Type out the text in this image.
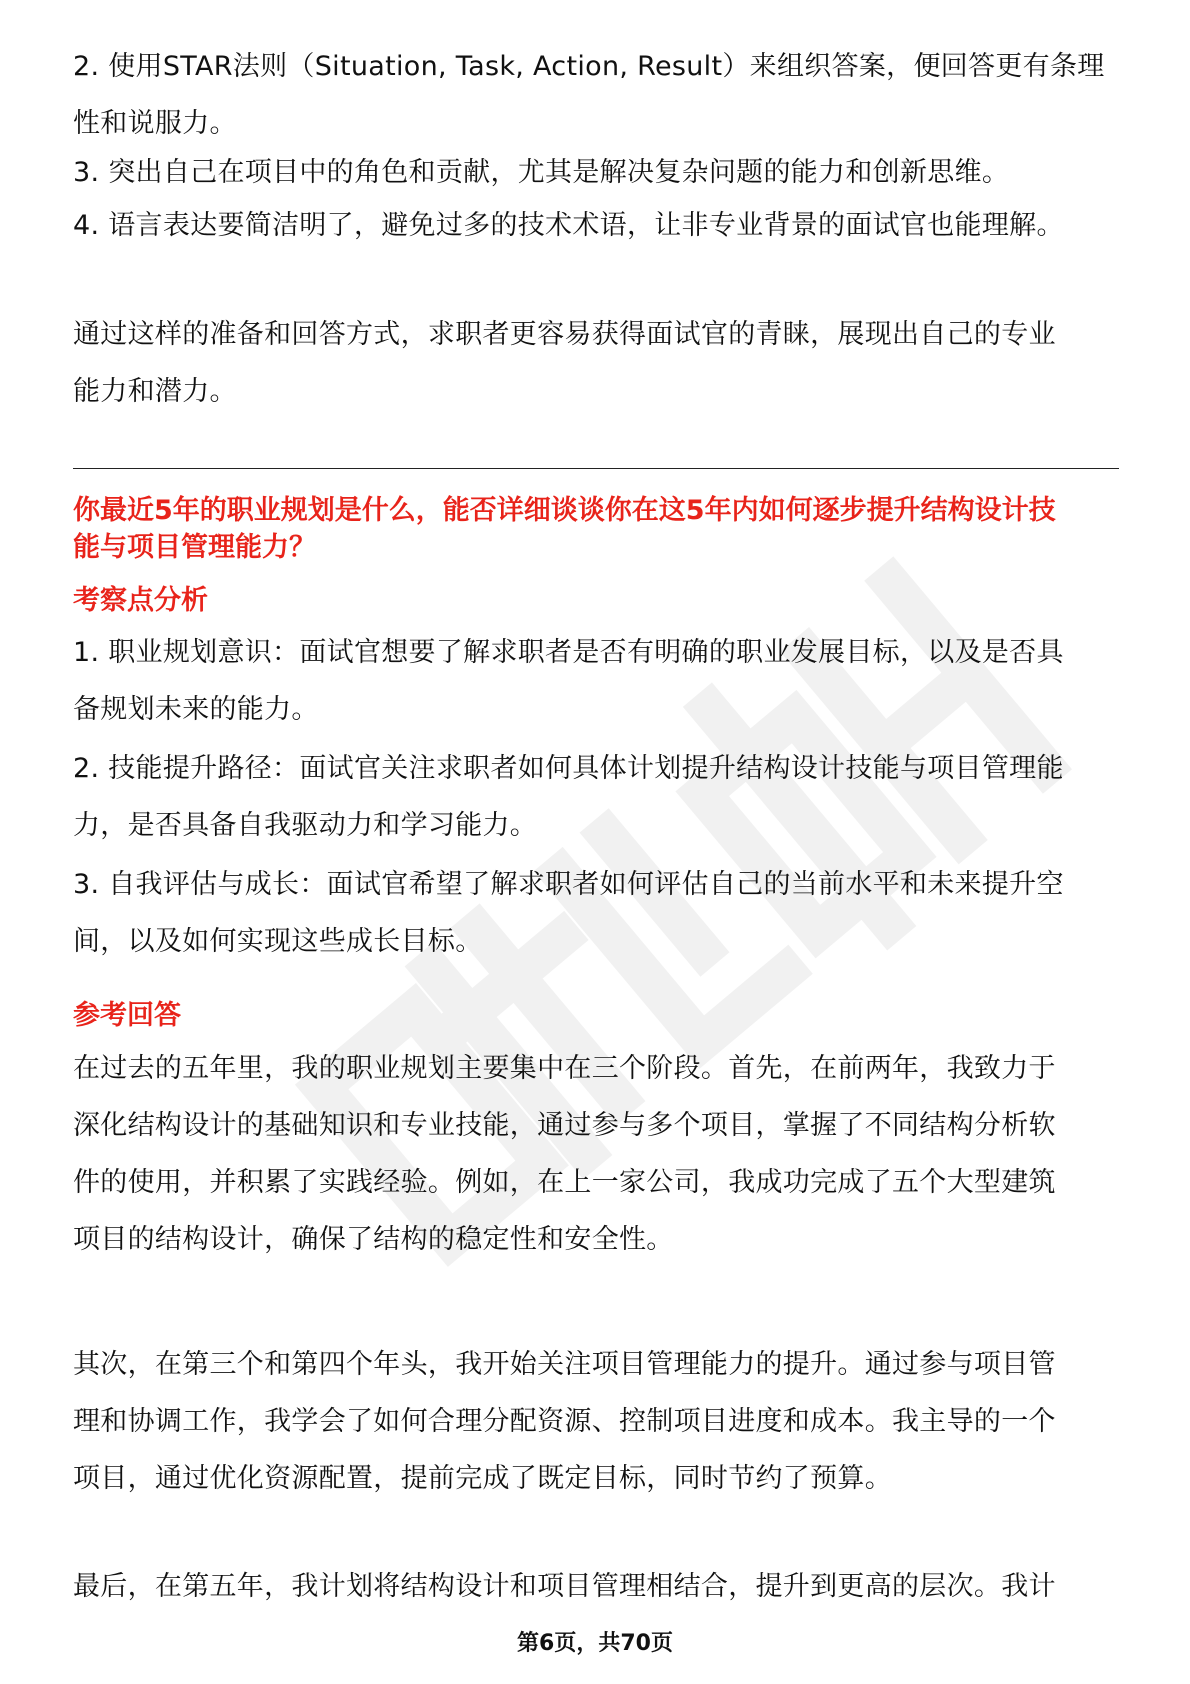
2. 使用STAR法则（Situation, Task, Action, Result）来组织答案，便回答更有条理

性和说服力。

3. 突出自己在项目中的角色和贡献，尤其是解决复杂问题的能力和创新思维。

4. 语言表达要简洁明了，避免过多的技术术语，让非专业背景的面试官也能理解。

通过这样的准备和回答方式，求职者更容易获得面试官的青睐，展现出自己的专业

能力和潜力。

你最近5年的职业规划是什么，能否详细谈谈你在这5年内如何逐步提升结构设计技

能与项目管理能力？

考察点分析

1. 职业规划意识：面试官想要了解求职者是否有明确的职业发展目标，以及是否具

备规划未来的能力。

2. 技能提升路径：面试官关注求职者如何具体计划提升结构设计技能与项目管理能

力，是否具备自我驱动力和学习能力。

3. 自我评估与成长：面试官希望了解求职者如何评估自己的当前水平和未来提升空

间，以及如何实现这些成长目标。

参考回答

在过去的五年里，我的职业规划主要集中在三个阶段。首先，在前两年，我致力于

深化结构设计的基础知识和专业技能，通过参与多个项目，掌握了不同结构分析软

件的使用，并积累了实践经验。例如，在上一家公司，我成功完成了五个大型建筑

项目的结构设计，确保了结构的稳定性和安全性。

其次，在第三个和第四个年头，我开始关注项目管理能力的提升。通过参与项目管

理和协调工作，我学会了如何合理分配资源、控制项目进度和成本。我主导的一个

项目，通过优化资源配置，提前完成了既定目标，同时节约了预算。

最后，在第五年，我计划将结构设计和项目管理相结合，提升到更高的层次。我计

第6页，共70页
